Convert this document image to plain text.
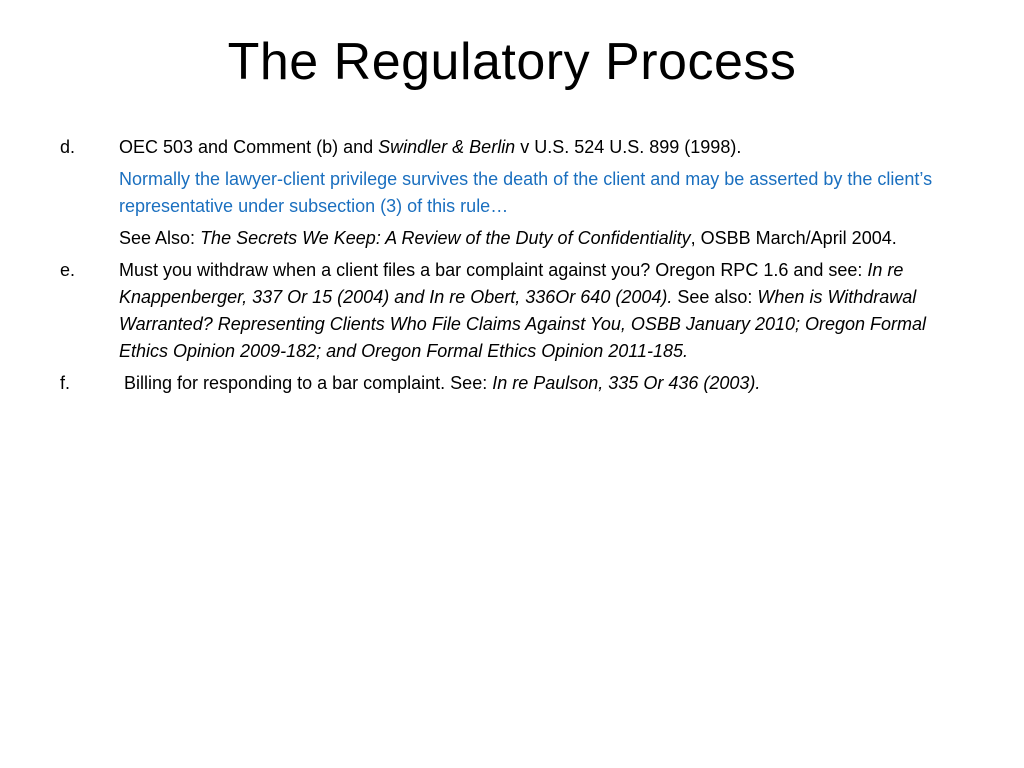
The Regulatory Process
d.	OEC 503 and Comment (b) and Swindler & Berlin v U.S. 524 U.S. 899 (1998).
Normally the lawyer-client privilege survives the death of the client and may be asserted by the client’s representative under subsection (3) of this rule…
See Also: The Secrets We Keep: A Review of the Duty of Confidentiality, OSBB March/April 2004.
e.	Must you withdraw when a client files a bar complaint against you? Oregon RPC 1.6 and see: In re Knappenberger, 337 Or 15 (2004) and In re Obert, 336Or 640 (2004). See also: When is Withdrawal Warranted? Representing Clients Who File Claims Against You, OSBB January 2010; Oregon Formal Ethics Opinion 2009-182; and Oregon Formal Ethics Opinion 2011-185.
f.	Billing for responding to a bar complaint. See: In re Paulson, 335 Or 436 (2003).
